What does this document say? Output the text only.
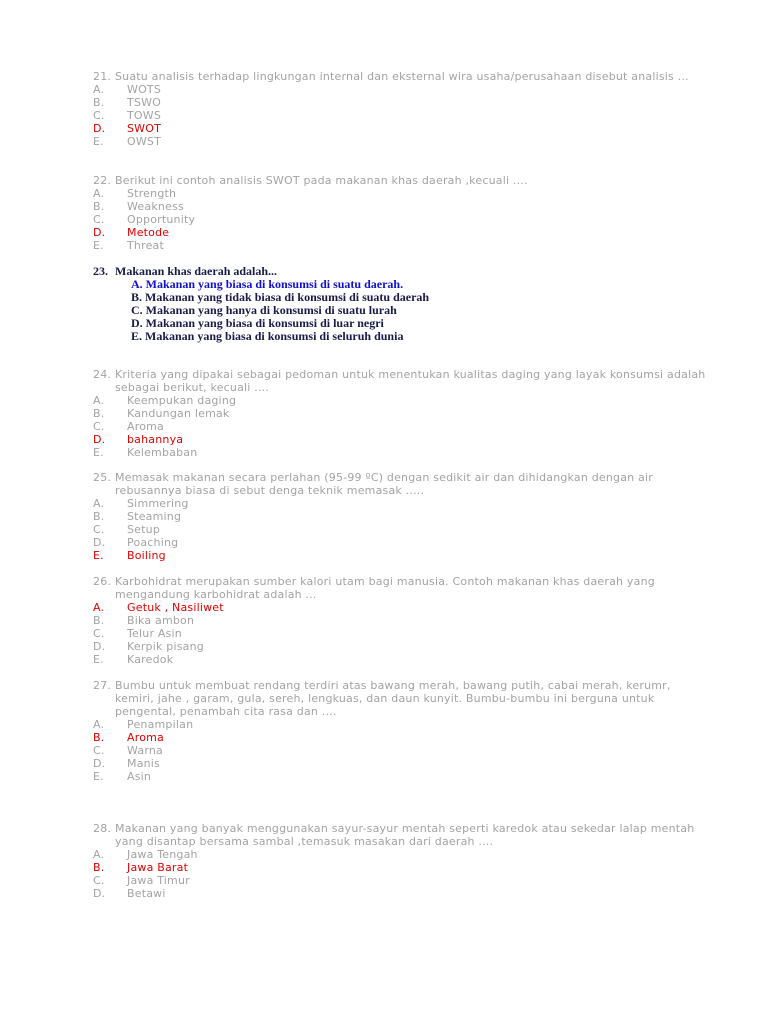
21. Suatu analisis terhadap lingkungan internal dan eksternal wira usaha/perusahaan disebut analisis ...
A. WOTS
B. TSWO
C. TOWS
D. SWOT
E. OWST
22. Berikut ini contoh analisis SWOT pada makanan khas daerah ,kecuali ....
A. Strength
B. Weakness
C. Opportunity
D. Metode
E. Threat
23. Makanan khas daerah adalah...
A. Makanan yang biasa di konsumsi di suatu daerah.
B. Makanan yang tidak biasa di konsumsi di suatu daerah
C. Makanan yang hanya di konsumsi di suatu lurah
D. Makanan yang biasa di konsumsi di luar negri
E. Makanan yang biasa di konsumsi di seluruh dunia
24. Kriteria yang dipakai sebagai pedoman untuk menentukan kualitas daging yang layak konsumsi adalah sebagai berikut, kecuali ....
A. Keempukan daging
B. Kandungan lemak
C. Aroma
D. bahannya
E. Kelembaban
25. Memasak makanan secara perlahan (95-99 ºC) dengan sedikit air dan dihidangkan dengan air rebusannya biasa di sebut denga teknik memasak .....
A. Simmering
B. Steaming
C. Setup
D. Poaching
E. Boiling
26. Karbohidrat merupakan sumber kalori utam bagi manusia. Contoh makanan khas daerah yang mengandung karbohidrat adalah ...
A. Getuk , Nasiliwet
B. Bika ambon
C. Telur Asin
D. Kerpik pisang
E. Karedok
27. Bumbu untuk membuat rendang terdiri atas bawang merah, bawang putih, cabai merah, kerumr, kemiri, jahe , garam, gula, sereh, lengkuas, dan daun kunyit. Bumbu-bumbu ini berguna untuk pengental, penambah cita rasa dan ....
A. Penampilan
B. Aroma
C. Warna
D. Manis
E. Asin
28. Makanan yang banyak menggunakan sayur-sayur mentah seperti karedok atau sekedar lalap mentah yang disantap bersama sambal ,temasuk masakan dari daerah ....
A. Jawa Tengah
B. Jawa Barat
C. Jawa Timur
D. Betawi
